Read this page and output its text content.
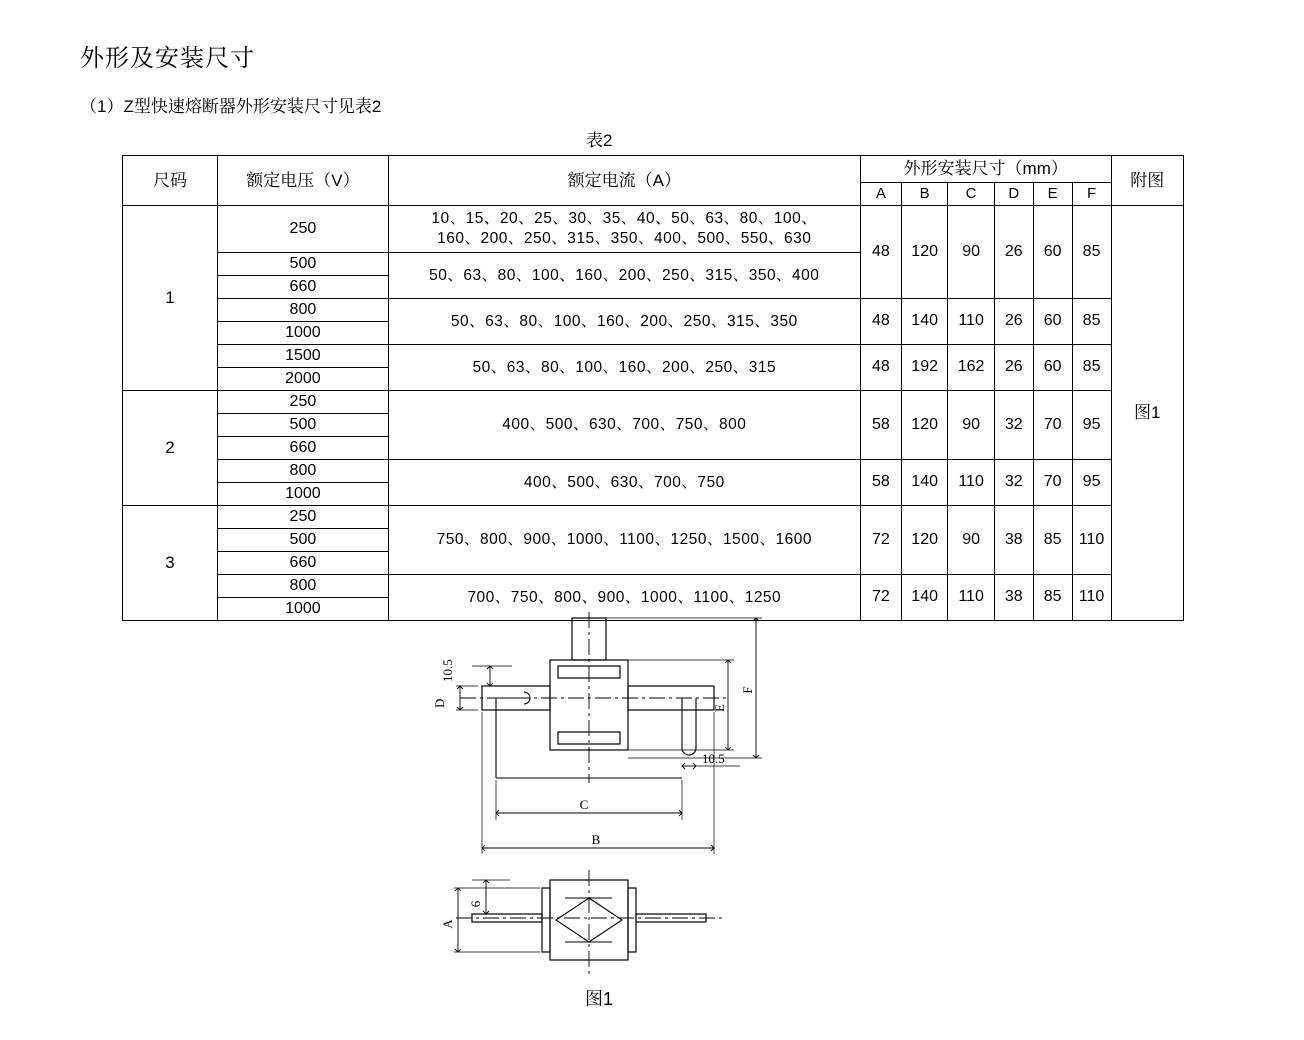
外形及安装尺寸
（1）Z型快速熔断器外形安装尺寸见表2
表2
尺码	额定电压（V）	额定电流（A）	外形安装尺寸（mm）						附图
			A	B	C	D	E	F	
1	250	10、15、20、25、30、35、40、50、63、80、100、
160、200、250、315、350、400、500、550、630	48	120	90	26	60	85	图1
	500	50、63、80、100、160、200、250、315、350、400							
	660								
	800	50、63、80、100、160、200、250、315、350	48	140	110	26	60	85	
	1000								
	1500	50、63、80、100、160、200、250、315	48	192	162	26	60	85	
	2000								
2	250	400、500、630、700、750、800	58	120	90	32	70	95	
	500								
	660								
	800	400、500、630、700、750	58	140	110	32	70	95	
	1000								
3	250	750、800、900、1000、1100、1250、1500、1600	72	120	90	38	85	110	
	500								
	660								
	800	700、750、800、900、1000、1100、1250	72	140	110	38	85	110	
	1000								
10.5
D
10.5
C
B
E
F
A
6
图1
